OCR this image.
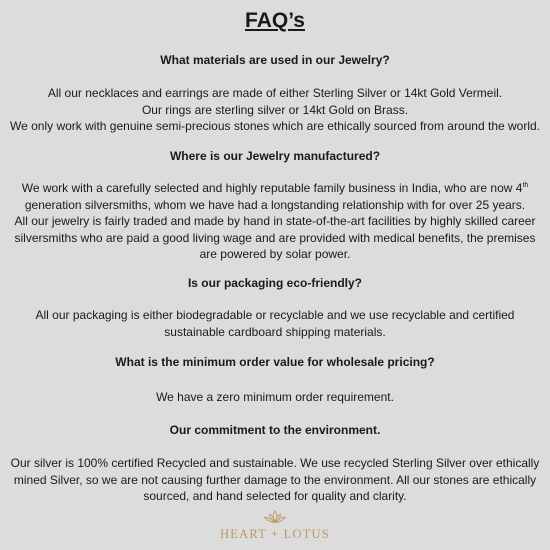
FAQ’s
What materials are used in our Jewelry?

All our necklaces and earrings are made of either Sterling Silver or 14kt Gold Vermeil.

Our rings are sterling silver or 14kt Gold on Brass.

We only work with genuine semi-precious stones which are ethically sourced from around the world.

Where is our Jewelry manufactured?

We work with a carefully selected and highly reputable family business in India, who are now 4th generation silversmiths, whom we have had a longstanding relationship with for over 25 years.

All our jewelry is fairly traded and made by hand in state-of-the-art facilities by highly skilled career silversmiths who are paid a good living wage and are provided with medical benefits, the premises are powered by solar power.

Is our packaging eco-friendly?

All our packaging is either biodegradable or recyclable and we use recyclable and certified sustainable cardboard shipping materials.

What is the minimum order value for wholesale pricing?

We have a zero minimum order requirement.

Our commitment to the environment.

Our silver is 100% certified Recycled and sustainable. We use recycled Sterling Silver over ethically mined Silver, so we are not causing further damage to the environment. All our stones are ethically sourced, and hand selected for quality and clarity.

HEART + LOTUS
